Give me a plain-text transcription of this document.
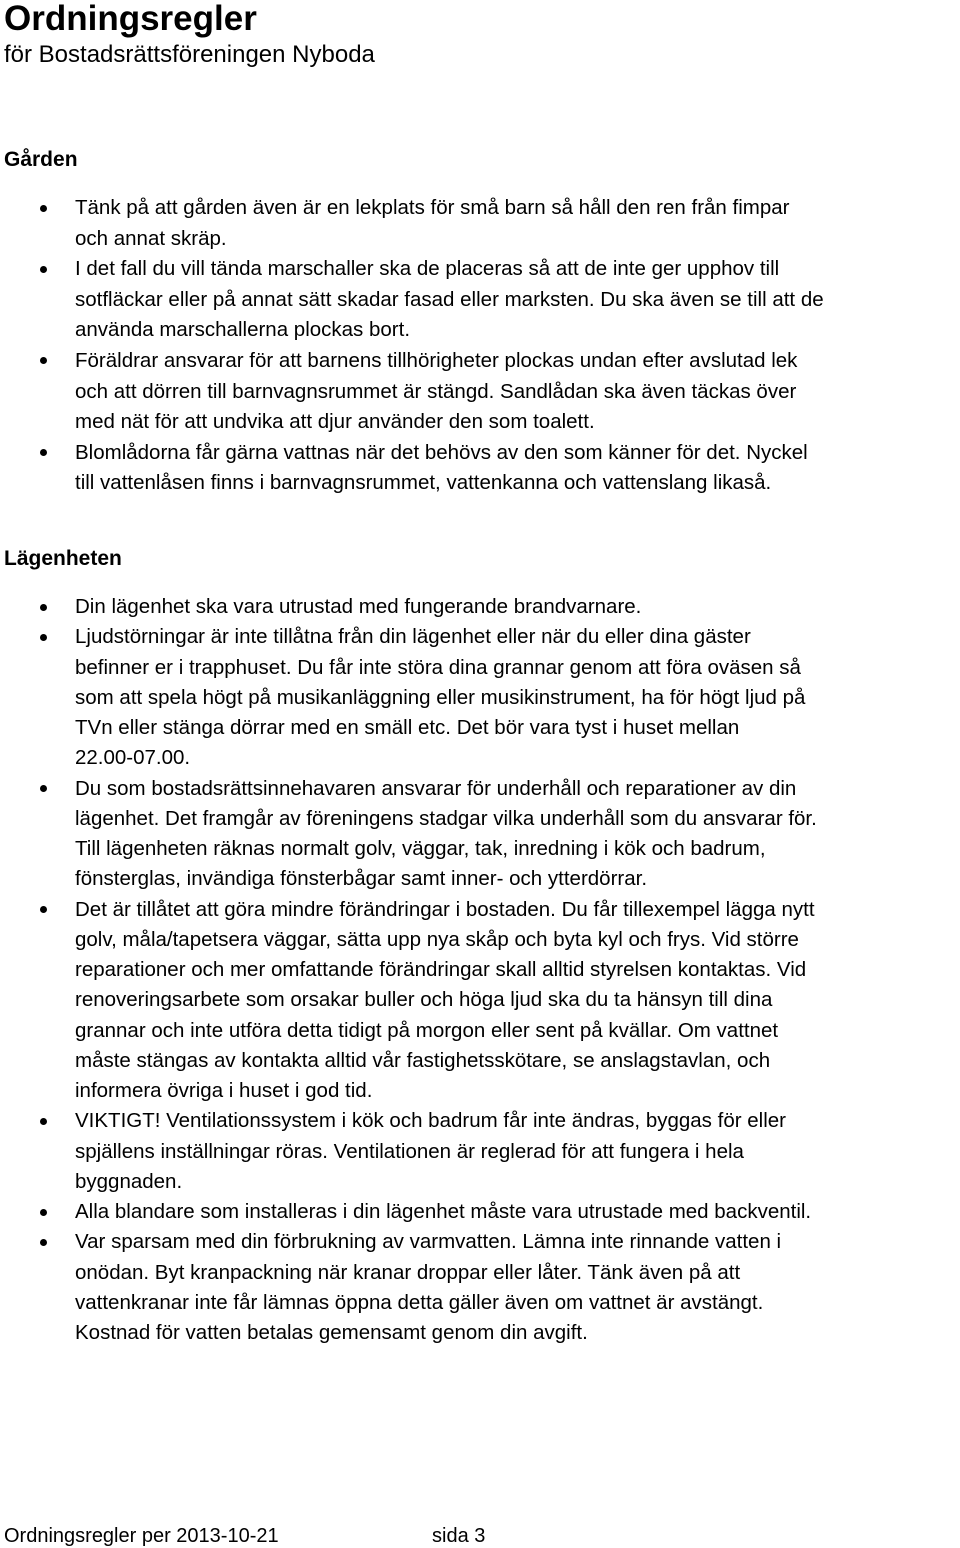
Ordningsregler
för Bostadsrättsföreningen Nyboda
Gården
Tänk på att gården även är en lekplats för små barn så håll den ren från fimpar
och annat skräp.
I det fall du vill tända marschaller ska de placeras så att de inte ger upphov till
sotfläckar eller på annat sätt skadar fasad eller marksten. Du ska även se till att de
använda marschallerna plockas bort.
Föräldrar ansvarar för att barnens tillhörigheter plockas undan efter avslutad lek
och att dörren till barnvagnsrummet är stängd. Sandlådan ska även täckas över
med nät för att undvika att djur använder den som toalett.
Blomlådorna får gärna vattnas när det behövs av den som känner för det. Nyckel
till vattenlåsen finns i barnvagnsrummet, vattenkanna och vattenslang likaså.
Lägenheten
Din lägenhet ska vara utrustad med fungerande brandvarnare.
Ljudstörningar är inte tillåtna från din lägenhet eller när du eller dina gäster
befinner er i trapphuset. Du får inte störa dina grannar genom att föra oväsen så
som att spela högt på musikanläggning eller musikinstrument, ha för högt ljud på
TVn eller stänga dörrar med en smäll etc. Det bör vara tyst i huset mellan
22.00-07.00.
Du som bostadsrättsinnehavaren ansvarar för underhåll och reparationer av din
lägenhet. Det framgår av föreningens stadgar vilka underhåll som du ansvarar för.
Till lägenheten räknas normalt golv, väggar, tak, inredning i kök och badrum,
fönsterglas, invändiga fönsterbågar samt inner- och ytterdörrar.
Det är tillåtet att göra mindre förändringar i bostaden. Du får tillexempel lägga nytt
golv, måla/tapetsera väggar, sätta upp nya skåp och byta kyl och frys. Vid större
reparationer och mer omfattande förändringar skall alltid styrelsen kontaktas. Vid
renoveringsarbete som orsakar buller och höga ljud ska du ta hänsyn till dina
grannar och inte utföra detta tidigt på morgon eller sent på kvällar. Om vattnet
måste stängas av kontakta alltid vår fastighetsskötare, se anslagstavlan, och
informera övriga i huset i god tid.
VIKTIGT! Ventilationssystem i kök och badrum får inte ändras, byggas för eller
spjällens inställningar röras. Ventilationen är reglerad för att fungera i hela
byggnaden.
Alla blandare som installeras i din lägenhet måste vara utrustade med backventil.
Var sparsam med din förbrukning av varmvatten. Lämna inte rinnande vatten i
onödan. Byt kranpackning när kranar droppar eller låter. Tänk även på att
vattenkranar inte får lämnas öppna detta gäller även om vattnet är avstängt.
Kostnad för vatten betalas gemensamt genom din avgift.
Ordningsregler per 2013-10-21	sida 3
